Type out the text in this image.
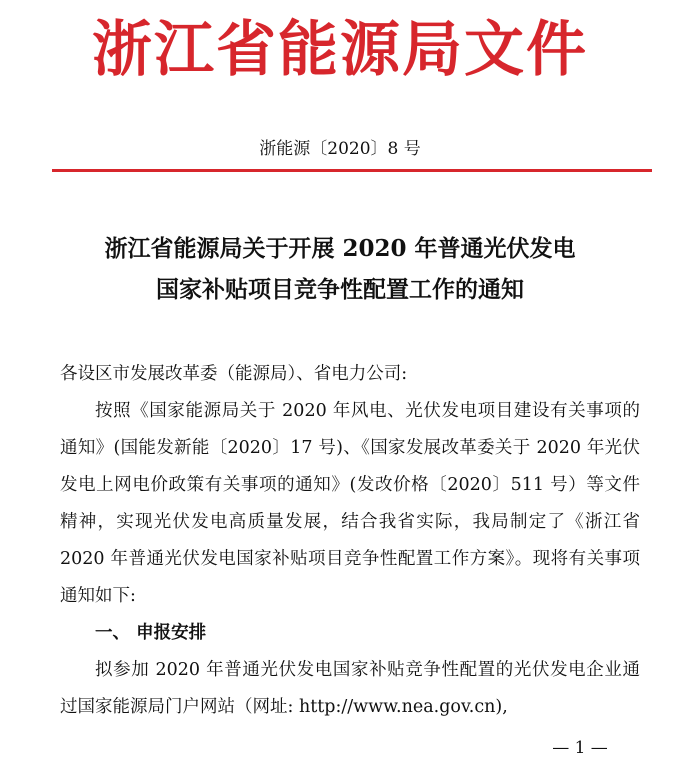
浙江省能源局文件
浙能源〔2020〕8 号
浙江省能源局关于开展 2020 年普通光伏发电
国家补贴项目竞争性配置工作的通知

各设区市发展改革委（能源局）、省电力公司:

按照《国家能源局关于 2020 年风电、光伏发电项目建设有关事项的通知》(国能发新能〔2020〕17 号)、《国家发展改革委关于 2020 年光伏发电上网电价政策有关事项的通知》(发改价格〔2020〕511 号）等文件精神，实现光伏发电高质量发展，结合我省实际，我局制定了《浙江省 2020 年普通光伏发电国家补贴项目竞争性配置工作方案》。现将有关事项通知如下:

一、 申报安排

拟参加 2020 年普通光伏发电国家补贴竞争性配置的光伏发电企业通过国家能源局门户网站（网址: http://www.nea.gov.cn),

— 1 —
